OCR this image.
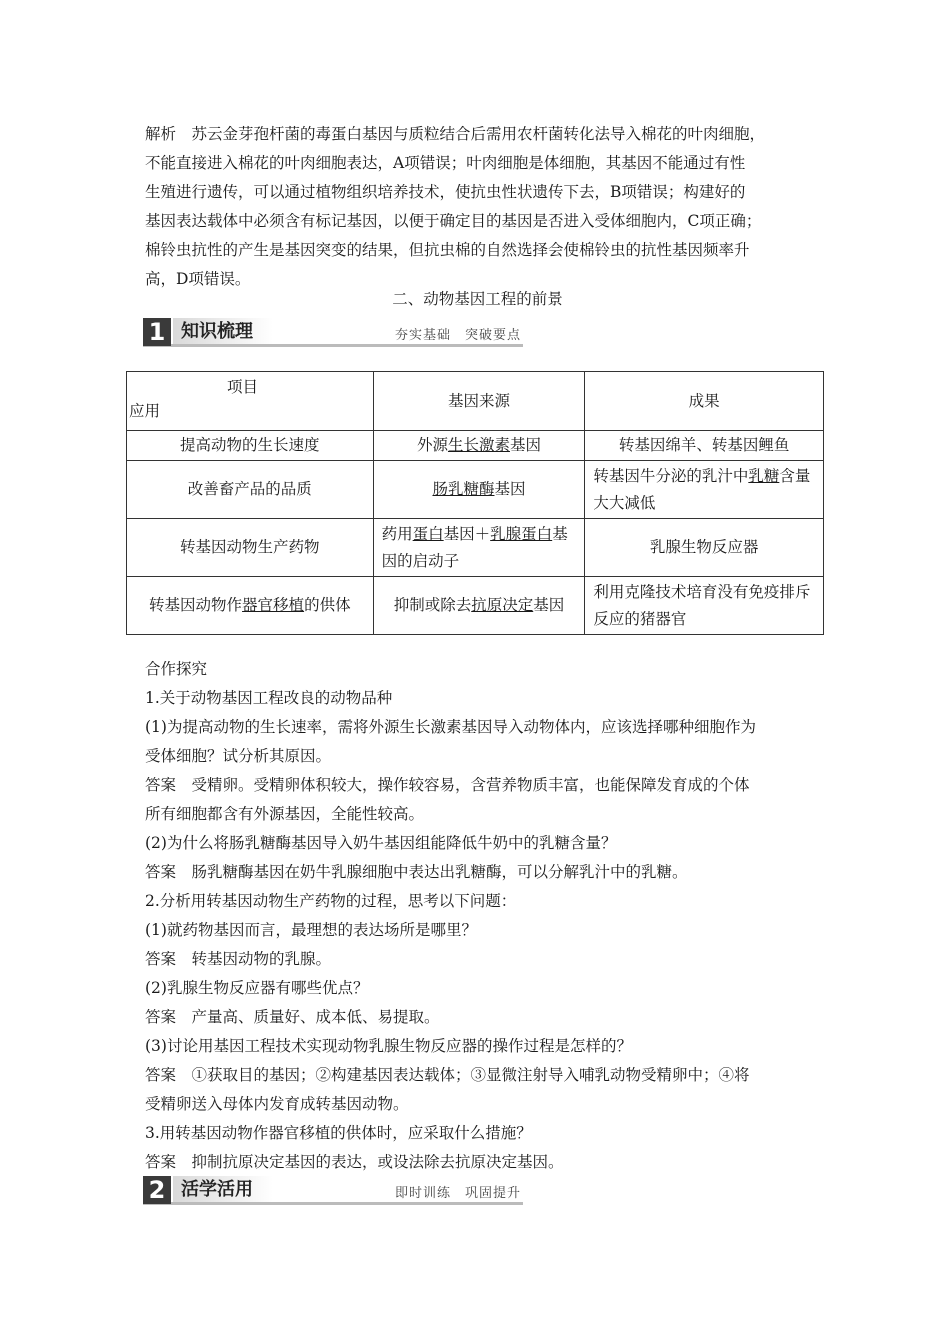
解析　苏云金芽孢杆菌的毒蛋白基因与质粒结合后需用农杆菌转化法导入棉花的叶肉细胞，

不能直接进入棉花的叶肉细胞表达，A项错误；叶肉细胞是体细胞，其基因不能通过有性

生殖进行遗传，可以通过植物组织培养技术，使抗虫性状遗传下去，B项错误；构建好的

基因表达载体中必须含有标记基因，以便于确定目的基因是否进入受体细胞内，C项正确；

棉铃虫抗性的产生是基因突变的结果，但抗虫棉的自然选择会使棉铃虫的抗性基因频率升

高，D项错误。

二、动物基因工程的前景
1 知识梳理	夯实基础　突破要点
项目
应用	基因来源	成果
提高动物的生长速度	外源生长激素基因	转基因绵羊、转基因鲤鱼
改善畜产品的品质	肠乳糖酶基因	转基因牛分泌的乳汁中乳糖含量大大减低
转基因动物生产药物	药用蛋白基因＋乳腺蛋白基因的启动子	乳腺生物反应器
转基因动物作器官移植的供体	抑制或除去抗原决定基因	利用克隆技术培育没有免疫排斥反应的猪器官

合作探究

1.关于动物基因工程改良的动物品种

(1)为提高动物的生长速率，需将外源生长激素基因导入动物体内，应该选择哪种细胞作为

受体细胞？试分析其原因。

答案　受精卵。受精卵体积较大，操作较容易，含营养物质丰富，也能保障发育成的个体

所有细胞都含有外源基因，全能性较高。

(2)为什么将肠乳糖酶基因导入奶牛基因组能降低牛奶中的乳糖含量？

答案　肠乳糖酶基因在奶牛乳腺细胞中表达出乳糖酶，可以分解乳汁中的乳糖。

2.分析用转基因动物生产药物的过程，思考以下问题：

(1)就药物基因而言，最理想的表达场所是哪里？

答案　转基因动物的乳腺。

(2)乳腺生物反应器有哪些优点？

答案　产量高、质量好、成本低、易提取。

(3)讨论用基因工程技术实现动物乳腺生物反应器的操作过程是怎样的？

答案　①获取目的基因；②构建基因表达载体；③显微注射导入哺乳动物受精卵中；④将

受精卵送入母体内发育成转基因动物。

3.用转基因动物作器官移植的供体时，应采取什么措施？

答案　抑制抗原决定基因的表达，或设法除去抗原决定基因。

2 活学活用	即时训练　巩固提升
